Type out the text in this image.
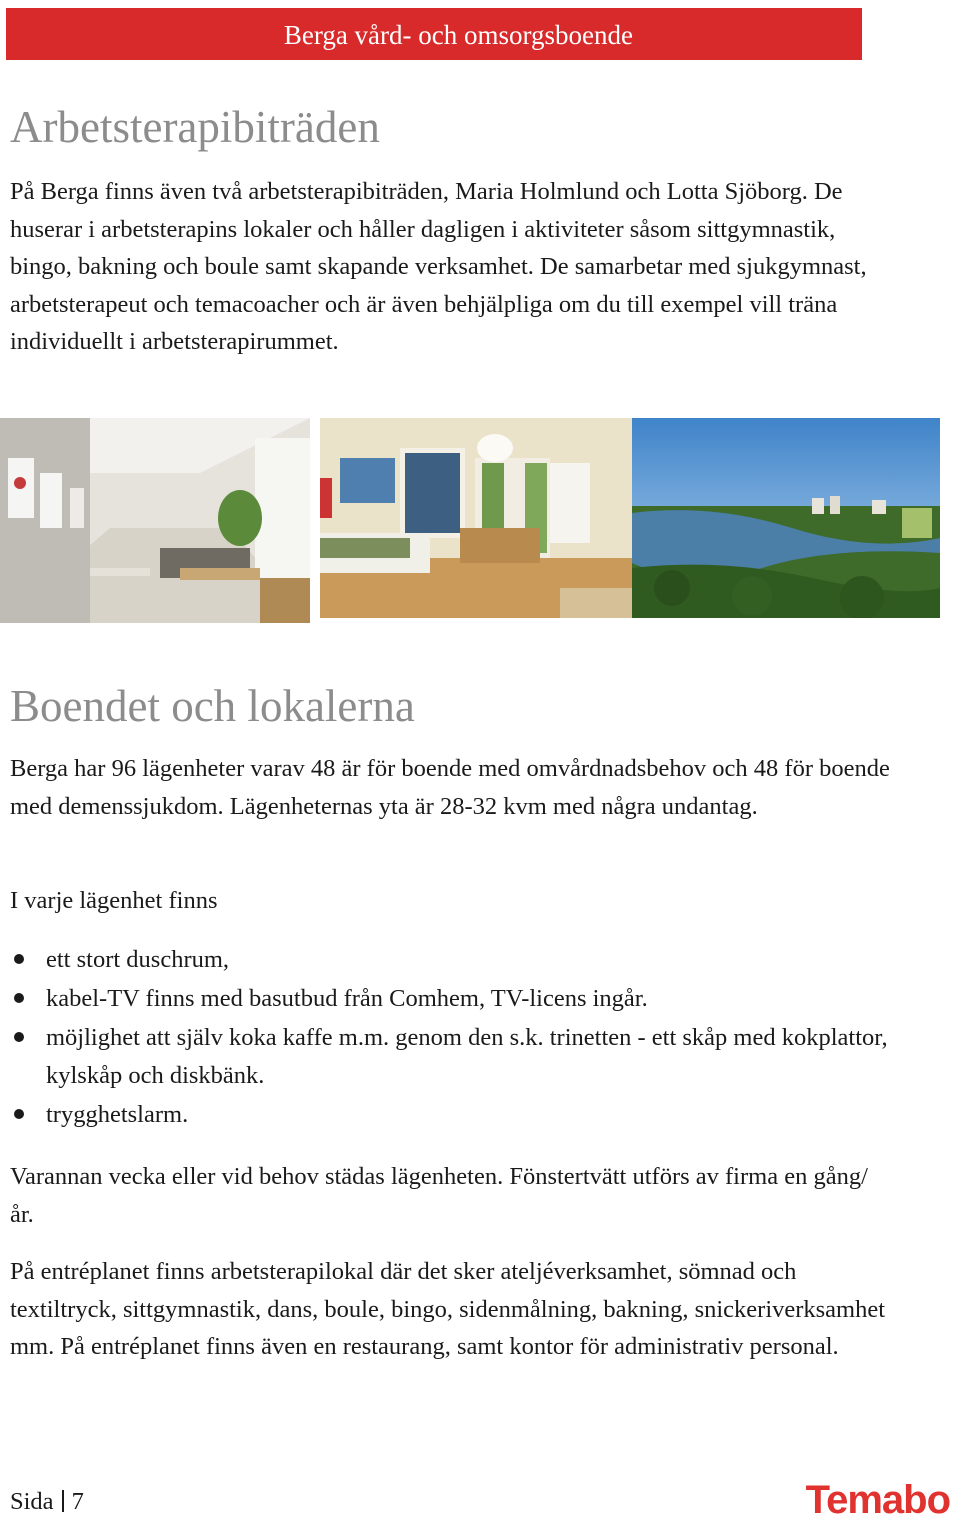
Berga vård- och omsorgsboende
Arbetsterapibiträden

På Berga finns även två arbetsterapibiträden, Maria Holmlund och Lotta Sjöborg. De huserar i arbetsterapins lokaler och håller dagligen i aktiviteter såsom sittgymnastik, bingo, bakning och boule samt skapande verksamhet. De samarbetar med sjukgymnast, arbetsterapeut och temacoacher och är även behjälpliga om du till exempel vill träna individuellt i arbetsterapirummet.

Boendet och lokalerna

Berga har 96 lägenheter varav 48 är för boende med omvårdnadsbehov och 48 för boende med demenssjukdom. Lägenheternas yta är 28-32 kvm med några undantag.

I varje lägenhet finns

ett stort duschrum,
kabel-TV finns med basutbud från Comhem, TV-licens ingår.
möjlighet att själv koka kaffe m.m. genom den s.k. trinetten - ett skåp med kokplattor, kylskåp och diskbänk.
trygghetslarm.

Varannan vecka eller vid behov städas lägenheten. Fönstertvätt utförs av firma en gång/år.

På entréplanet finns arbetsterapilokal där det sker ateljéverksamhet, sömnad och textiltryck, sittgymnastik, dans, boule, bingo, sidenmålning, bakning, snickeriverksamhet mm. På entréplanet finns även en restaurang, samt kontor för administrativ personal.

Sida 7	Temabo
